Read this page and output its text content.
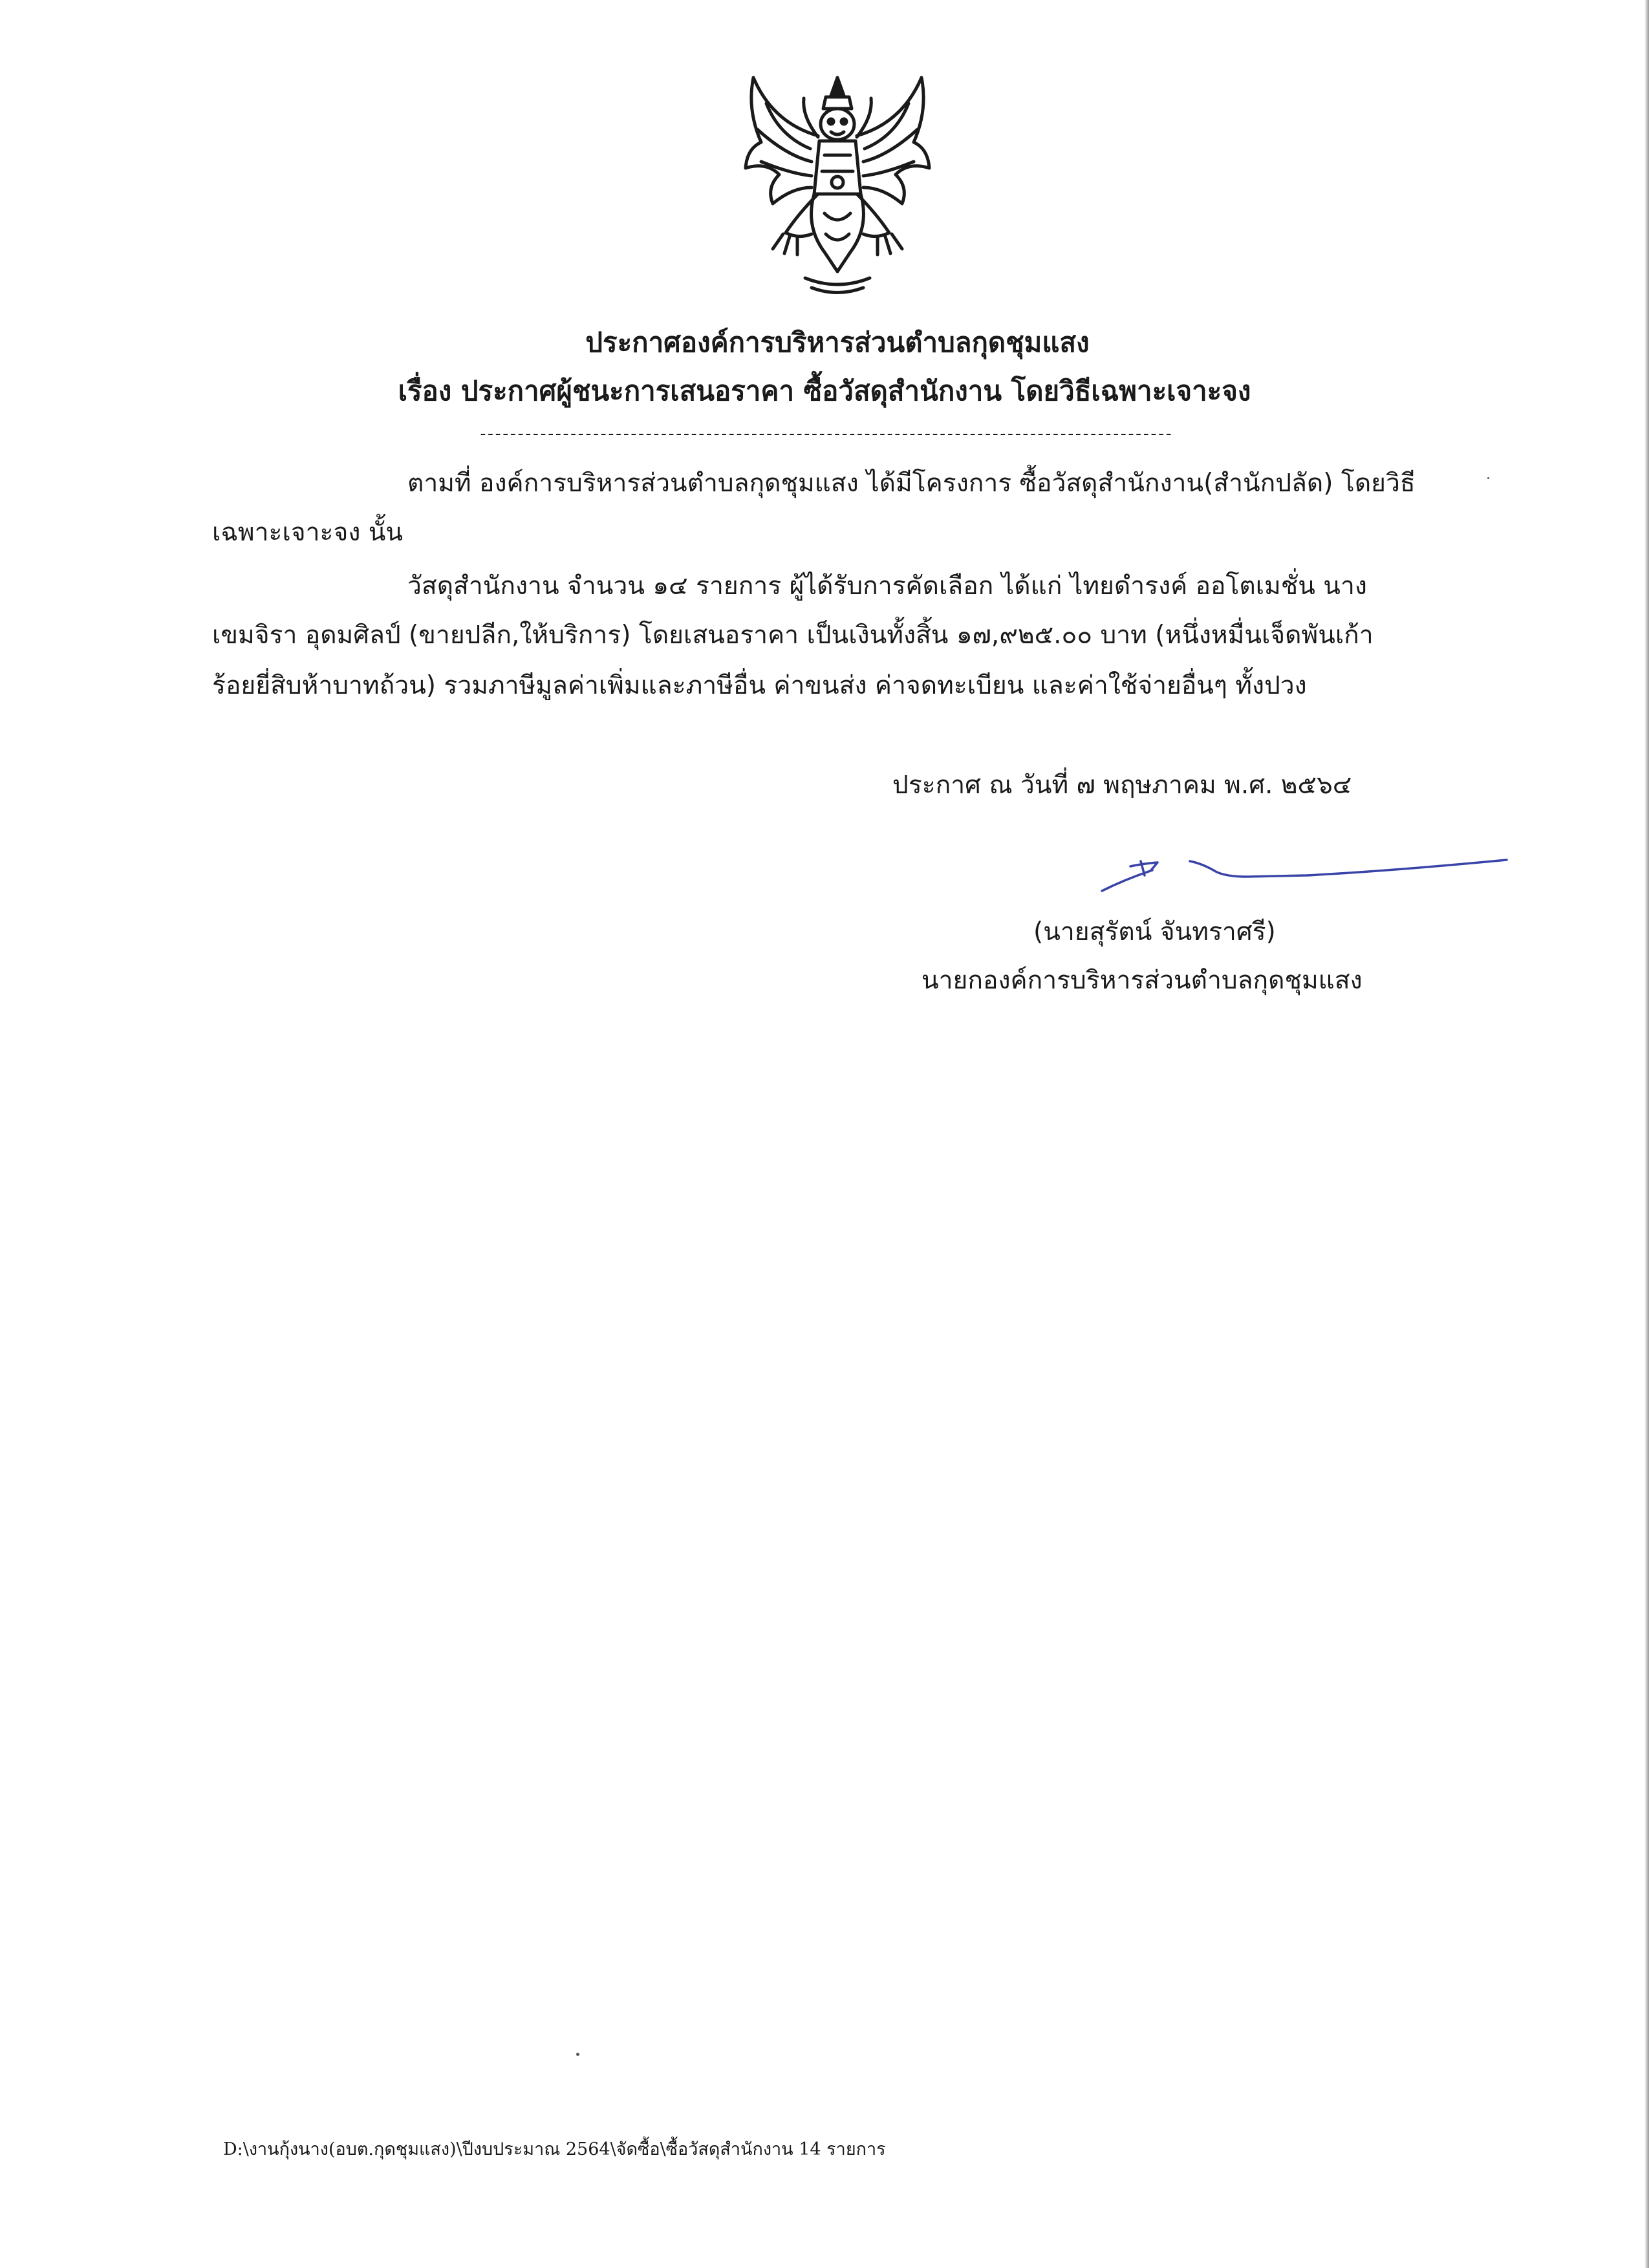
ประกาศองค์การบริหารส่วนตำบลกุดชุมแสง
เรื่อง ประกาศผู้ชนะการเสนอราคา ซื้อวัสดุสำนักงาน โดยวิธีเฉพาะเจาะจง
--------------------------------------------------------------------------------------------
ตามที่ องค์การบริหารส่วนตำบลกุดชุมแสง ได้มีโครงการ ซื้อวัสดุสำนักงาน(สำนักปลัด) โดยวิธี
เฉพาะเจาะจง นั้น
วัสดุสำนักงาน จำนวน ๑๔ รายการ ผู้ได้รับการคัดเลือก ได้แก่ ไทยดำรงค์ ออโตเมชั่น นาง
เขมจิรา อุดมศิลป์ (ขายปลีก,ให้บริการ) โดยเสนอราคา เป็นเงินทั้งสิ้น ๑๗,๙๒๕.๐๐ บาท (หนึ่งหมื่นเจ็ดพันเก้า
ร้อยยี่สิบห้าบาทถ้วน) รวมภาษีมูลค่าเพิ่มและภาษีอื่น ค่าขนส่ง ค่าจดทะเบียน และค่าใช้จ่ายอื่นๆ ทั้งปวง
ประกาศ ณ วันที่ ๗ พฤษภาคม พ.ศ. ๒๕๖๔
(นายสุรัตน์ จันทราศรี)
นายกองค์การบริหารส่วนตำบลกุดชุมแสง
D:\งานกุ้งนาง(อบต.กุดชุมแสง)\ปีงบประมาณ 2564\จัดซื้อ\ซื้อวัสดุสำนักงาน 14 รายการ
